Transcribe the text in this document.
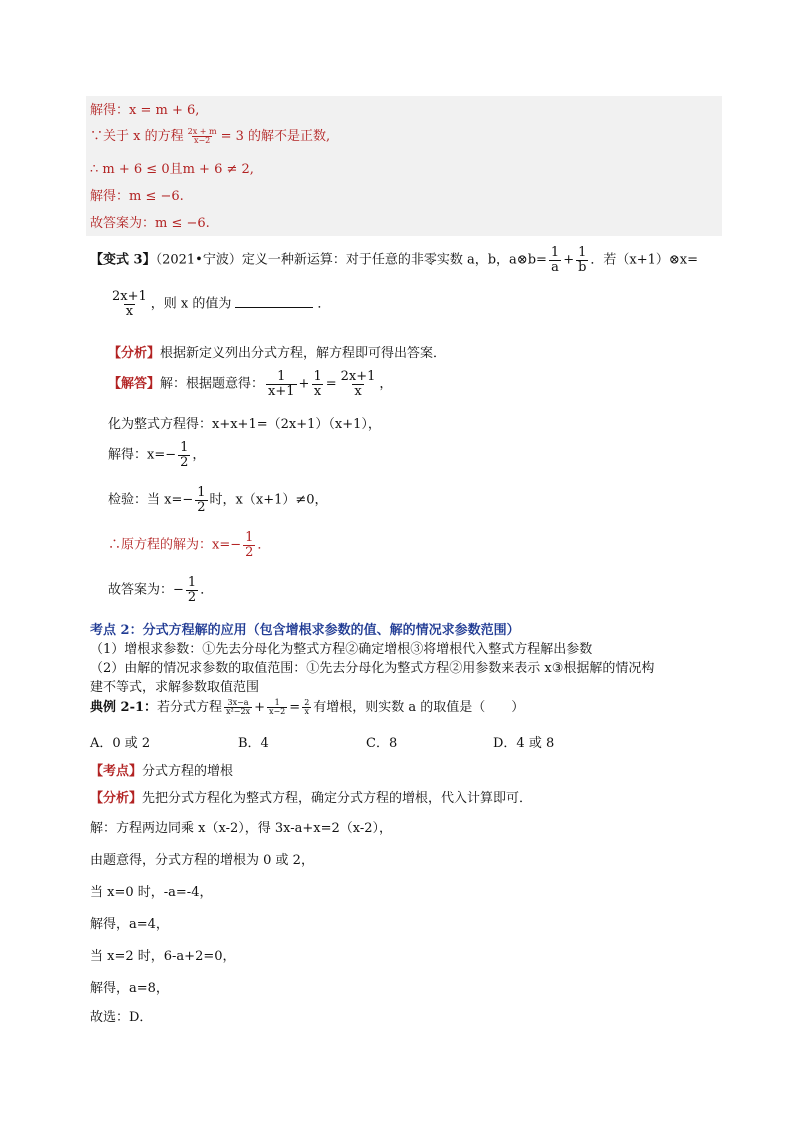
解得：x = m + 6,
∵关于 x 的方程 $\frac{2x + m}{x-2} = 3$ 的解不是正数,
∴ m + 6 ≤ 0且m + 6 ≠ 2,
解得：m ≤ −6.
故答案为：m ≤ −6.
【变式 3】（2021•宁波）定义一种新运算：对于任意的非零实数 a，b，a⊗b= $\frac{1}{a} + \frac{1}{b}$ ．若（x+1）⊗x=
$\frac{2x+1}{x}$ ，则 x 的值为	．
【分析】根据新定义列出分式方程，解方程即可得出答案．
【解答】解：根据题意得： $\frac{1}{x+1} + \frac{1}{x} = \frac{2x+1}{x}$ ，
化为整式方程得：x+x+1=（2x+1）（x+1），
解得：$x=- \frac{1}{2}$ ，
检验：当 $x=- \frac{1}{2}$ 时，x（x+1）≠0，
∴原方程的解为：$x=- \frac{1}{2}$ ．
故答案为：− $\frac{1}{2}$ ．
考点 2：分式方程解的应用（包含增根求参数的值、解的情况求参数范围）
（1）增根求参数：①先去分母化为整式方程②确定增根③将增根代入整式方程解出参数
（2）由解的情况求参数的取值范围：①先去分母化为整式方程②用参数来表示 x③根据解的情况构
建不等式，求解参数取值范围
典例 2-1：若分式方程 $\frac{3x-a}{\text{x²−2x}} + \frac{1}{x-2} = \frac{2}{x}$ 有增根，则实数 a 的取值是（　　）
A．0 或 2	B．4	C．8	D．4 或 8
【考点】分式方程的增根
【分析】先把分式方程化为整式方程，确定分式方程的增根，代入计算即可．
解：方程两边同乘 x（x-2），得 3x-a+x=2（x-2），
由题意得，分式方程的增根为 0 或 2，
当 x=0 时，-a=-4，
解得，a=4，
当 x=2 时，6-a+2=0，
解得，a=8，
故选：D．
